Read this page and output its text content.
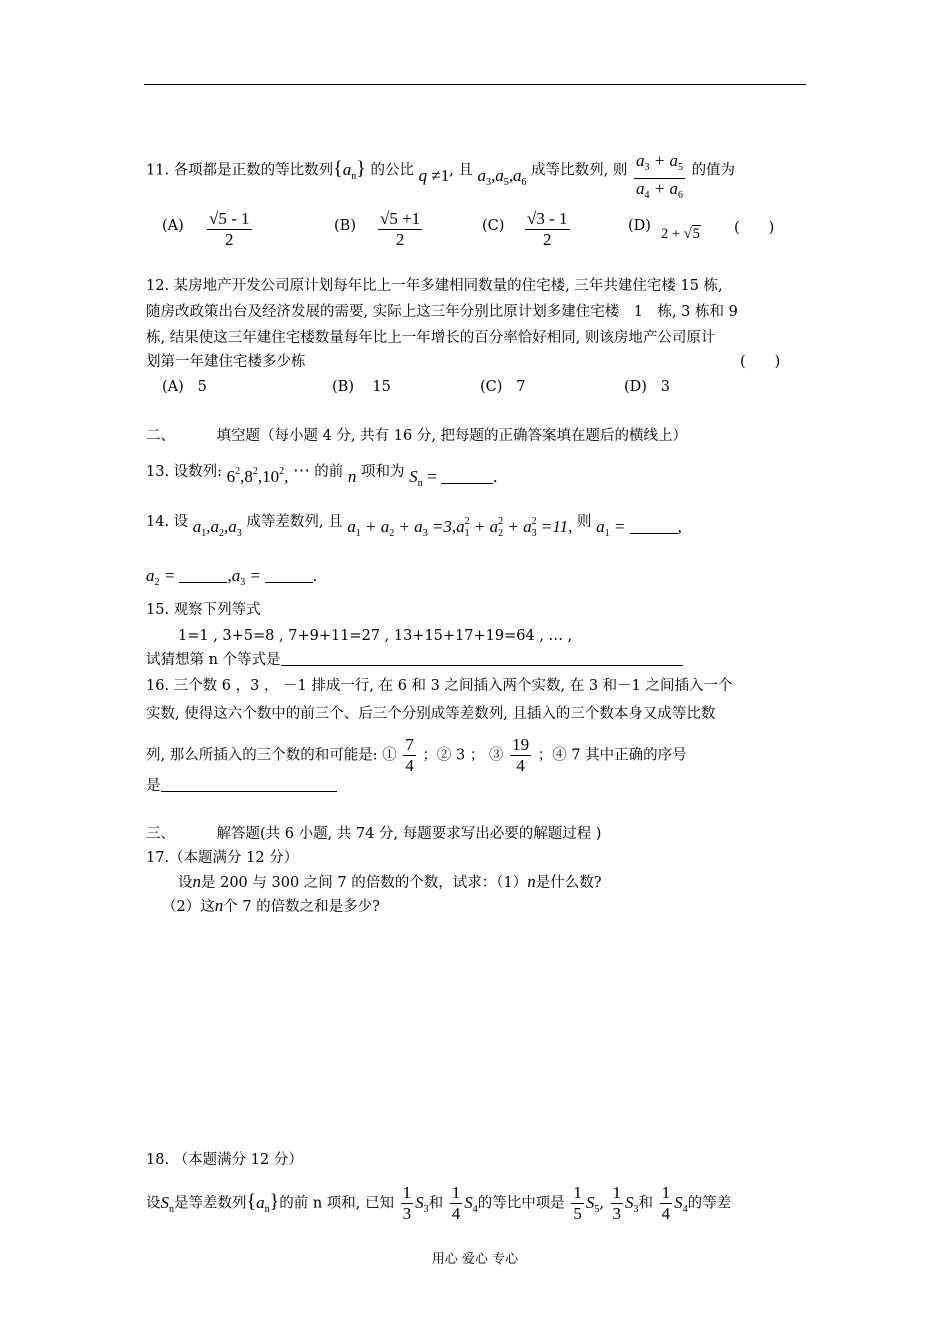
11. 各项都是正数的等比数列$\{a_n\}$ 的公比 q ≠1, 且 $a_3,a_5,a_6$ 成等比数列, 则 $\frac{a_3 + a_5}{a_4 + a_6}$ 的值为
$(A) \frac{√5 - 1}{2}$	$(B) \frac{√5 +1}{2}$	$(C) \frac{√3 - 1}{2}$	(D) 2 + √5 (　　)
12. 某房地产开发公司原计划每年比上一年多建相同数量的住宅楼, 三年共建住宅楼 15 栋,
随房改政策出台及经济发展的需要, 实际上这三年分别比原计划多建住宅楼　1　栋, 3 栋和 9
栋, 结果使这三年建住宅楼数量每年比上一年增长的百分率恰好相同, 则该房地产公司原计
划第一年建住宅楼多少栋	(　　)
(A) 5	(B) 15	(C) 7	(D) 3
二、	填空题（每小题 4 分, 共有 16 分, 把每题的正确答案填在题后的横线上）
13. 设数列: $6^2,8^2,10^2$, ⋯ 的前 n 项和为 $S_n$ =	.
14. 设 $a_1,a_2,a_3$ 成等差数列, 且 $a_1 + a_2 + a_3 =3,a_1^2 + a_2^2 + a_3^2 =11$, 则 $a_1$ =	,
$a_2$ =	$,a_3$ =	.
15. 观察下列等式
1=1 , 3+5=8 , 7+9+11=27 , 13+15+17+19=64 , … ,
试猜想第 n 个等式是
16. 三个数 6 ，3 ， －1 排成一行, 在 6 和 3 之间插入两个实数, 在 3 和－1 之间插入一个
实数, 使得这六个数中的前三个、后三个分别成等差数列, 且插入的三个数本身又成等比数
列, 那么所插入的三个数的和可能是: ① $\frac{7}{4}$ ；② 3 ； ③ $\frac{19}{4}$ ；④ 7 其中正确的序号
是
三、	解答题(共 6 小题, 共 74 分, 每题要求写出必要的解题过程 )
17.（本题满分 12 分）
设n是 200 与 300 之间 7 的倍数的个数，试求：（1）n是什么数?
（2）这n个 7 的倍数之和是多少?
18. （本题满分 12 分）
设$S_n$是等差数列$\{a_n\}$的前 n 项和, 已知 $\frac{1}{3} S_3$和 $\frac{1}{4} S_4$的等比中项是 $\frac{1}{5} S_5$, $\frac{1}{3} S_3$和 $\frac{1}{4} S_4$的等差
用心 爱心 专心
